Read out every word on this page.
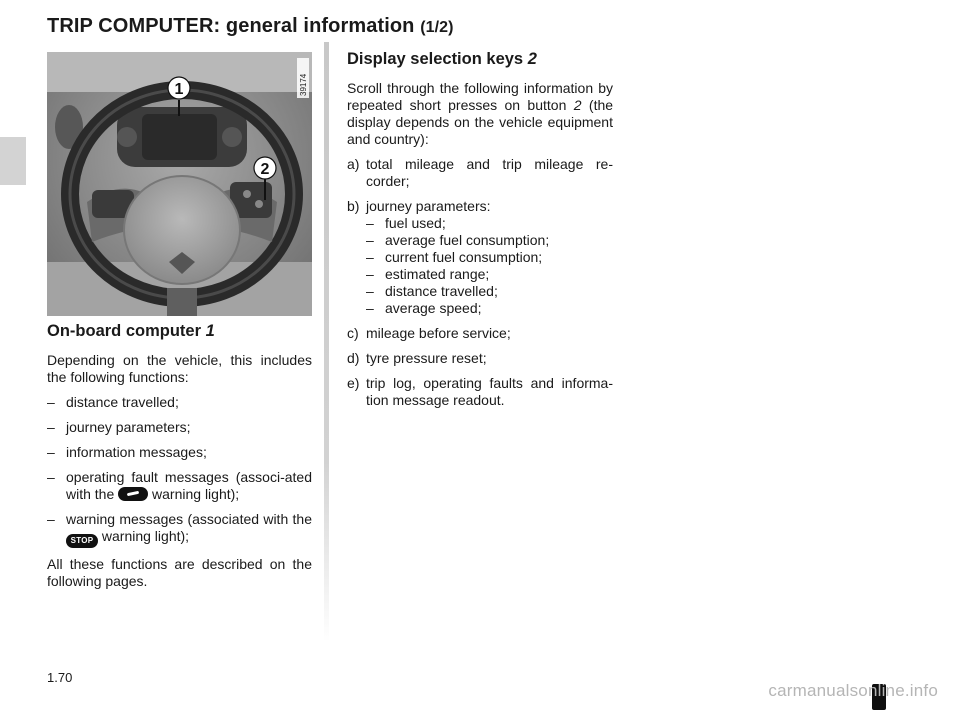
TRIP COMPUTER: general information (1/2)
39174
1
2
On-board computer 1

Depending on the vehicle, this includes the following functions:

– distance travelled;
– journey parameters;
– information messages;
– operating fault messages (associ-ated with the	warning light);
– warning messages (associated with the STOP warning light);

All these functions are described on the following pages.

Display selection keys 2

Scroll through the following information by repeated short presses on button 2 (the display depends on the vehicle equipment and country):

a) total mileage and trip mileage re-corder;
b) journey parameters:
– fuel used;
– average fuel consumption;
– current fuel consumption;
– estimated range;
– distance travelled;
– average speed;
c) mileage before service;
d) tyre pressure reset;
e) trip log, operating faults and informa-tion message readout.
1.70
carmanualsonline.info
